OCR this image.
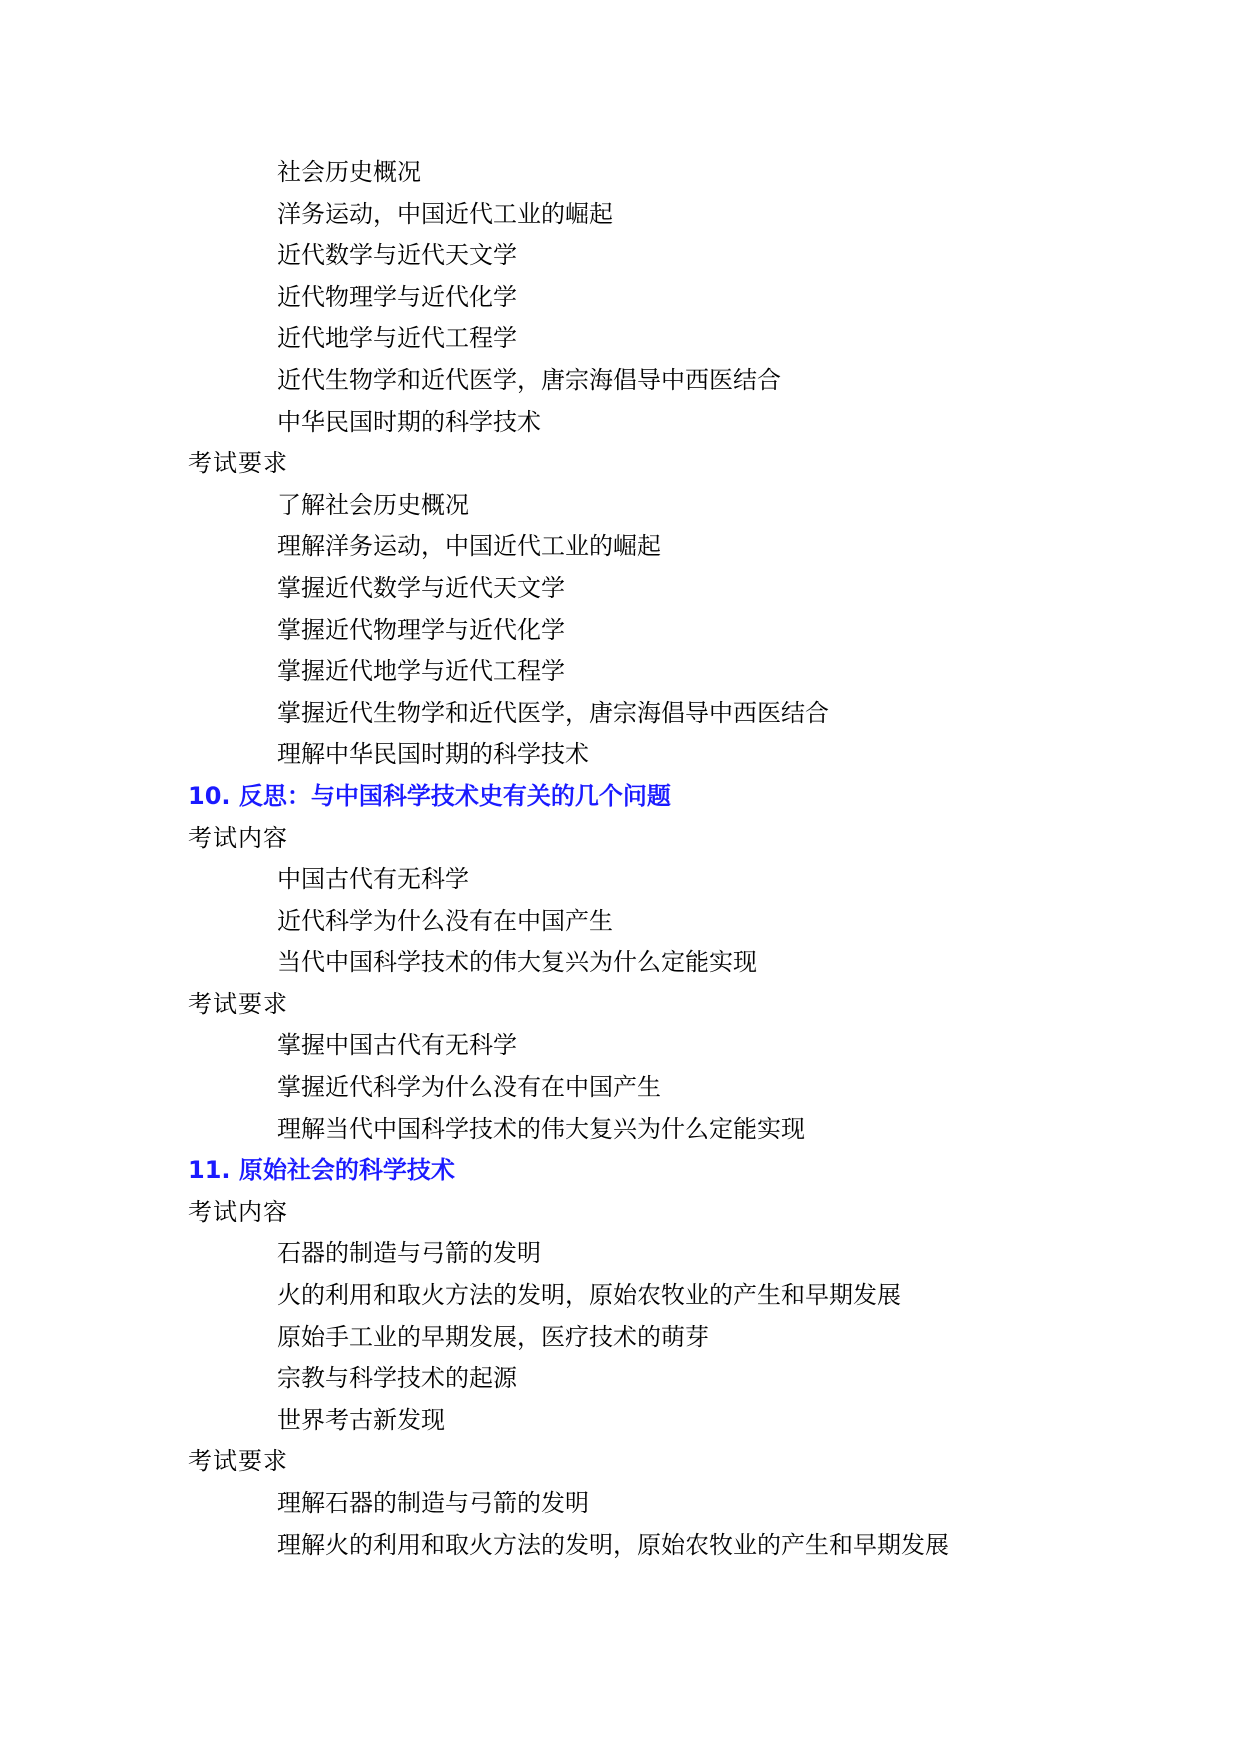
社会历史概况
洋务运动，中国近代工业的崛起
近代数学与近代天文学
近代物理学与近代化学
近代地学与近代工程学
近代生物学和近代医学，唐宗海倡导中西医结合
中华民国时期的科学技术
考试要求
了解社会历史概况
理解洋务运动，中国近代工业的崛起
掌握近代数学与近代天文学
掌握近代物理学与近代化学
掌握近代地学与近代工程学
掌握近代生物学和近代医学，唐宗海倡导中西医结合
理解中华民国时期的科学技术
10. 反思：与中国科学技术史有关的几个问题
考试内容
中国古代有无科学
近代科学为什么没有在中国产生
当代中国科学技术的伟大复兴为什么定能实现
考试要求
掌握中国古代有无科学
掌握近代科学为什么没有在中国产生
理解当代中国科学技术的伟大复兴为什么定能实现
11. 原始社会的科学技术
考试内容
石器的制造与弓箭的发明
火的利用和取火方法的发明，原始农牧业的产生和早期发展
原始手工业的早期发展，医疗技术的萌芽
宗教与科学技术的起源
世界考古新发现
考试要求
理解石器的制造与弓箭的发明
理解火的利用和取火方法的发明，原始农牧业的产生和早期发展
